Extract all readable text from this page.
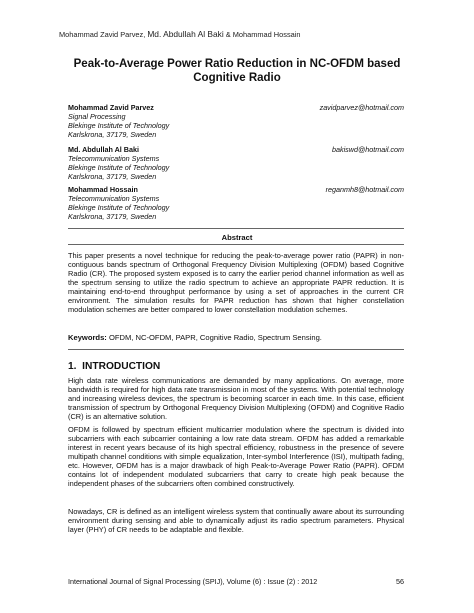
Mohammad Zavid Parvez, Md. Abdullah Al Baki & Mohammad Hossain
Peak-to-Average Power Ratio Reduction in NC-OFDM based Cognitive Radio
Mohammad Zavid Parvez	zavidparvez@hotmail.com
Signal Processing
Blekinge Institute of Technology
Karlskrona, 37179, Sweden
Md. Abdullah Al Baki	bakiswd@hotmail.com
Telecommunication Systems
Blekinge Institute of Technology
Karlskrona, 37179, Sweden
Mohammad Hossain	reganmh8@hotmail.com
Telecommunication Systems
Blekinge Institute of Technology
Karlskrona, 37179, Sweden
Abstract
This paper presents a novel technique for reducing the peak-to-average power ratio (PAPR) in non-contiguous bands spectrum of Orthogonal Frequency Division Multiplexing (OFDM) based Cognitive Radio (CR). The proposed system exposed is to carry the earlier period channel information as well as the spectrum sensing to utilize the radio spectrum to achieve an appropriate PAPR reduction. It is maintaining end-to-end throughput performance by using a set of approaches in the current CR environment. The simulation results for PAPR reduction has shown that higher constellation modulation schemes are better compared to lower constellation modulation schemes.
Keywords: OFDM, NC-OFDM, PAPR, Cognitive Radio, Spectrum Sensing.
1. INTRODUCTION
High data rate wireless communications are demanded by many applications. On average, more bandwidth is required for high data rate transmission in most of the systems. With potential technology and increasing wireless devices, the spectrum is becoming scarcer in each time. In this case, efficient transmission of spectrum by Orthogonal Frequency Division Multiplexing (OFDM) and Cognitive Radio (CR) is an alternative solution.
OFDM is followed by spectrum efficient multicarrier modulation where the spectrum is divided into subcarriers with each subcarrier containing a low rate data stream. OFDM has added a remarkable interest in recent years because of its high spectral efficiency, robustness in the presence of severe multipath channel conditions with simple equalization, Inter-symbol Interference (ISI), multipath fading, etc. However, OFDM has is a major drawback of high Peak-to-Average Power Ratio (PAPR). OFDM contains lot of independent modulated subcarriers that carry to create high peak because the independent phases of the subcarriers often combined constructively.
Nowadays, CR is defined as an intelligent wireless system that continually aware about its surrounding environment during sensing and able to dynamically adjust its radio spectrum parameters. Physical layer (PHY) of CR needs to be adaptable and flexible.
International Journal of Signal Processing (SPIJ), Volume (6) : Issue (2) : 2012	56
